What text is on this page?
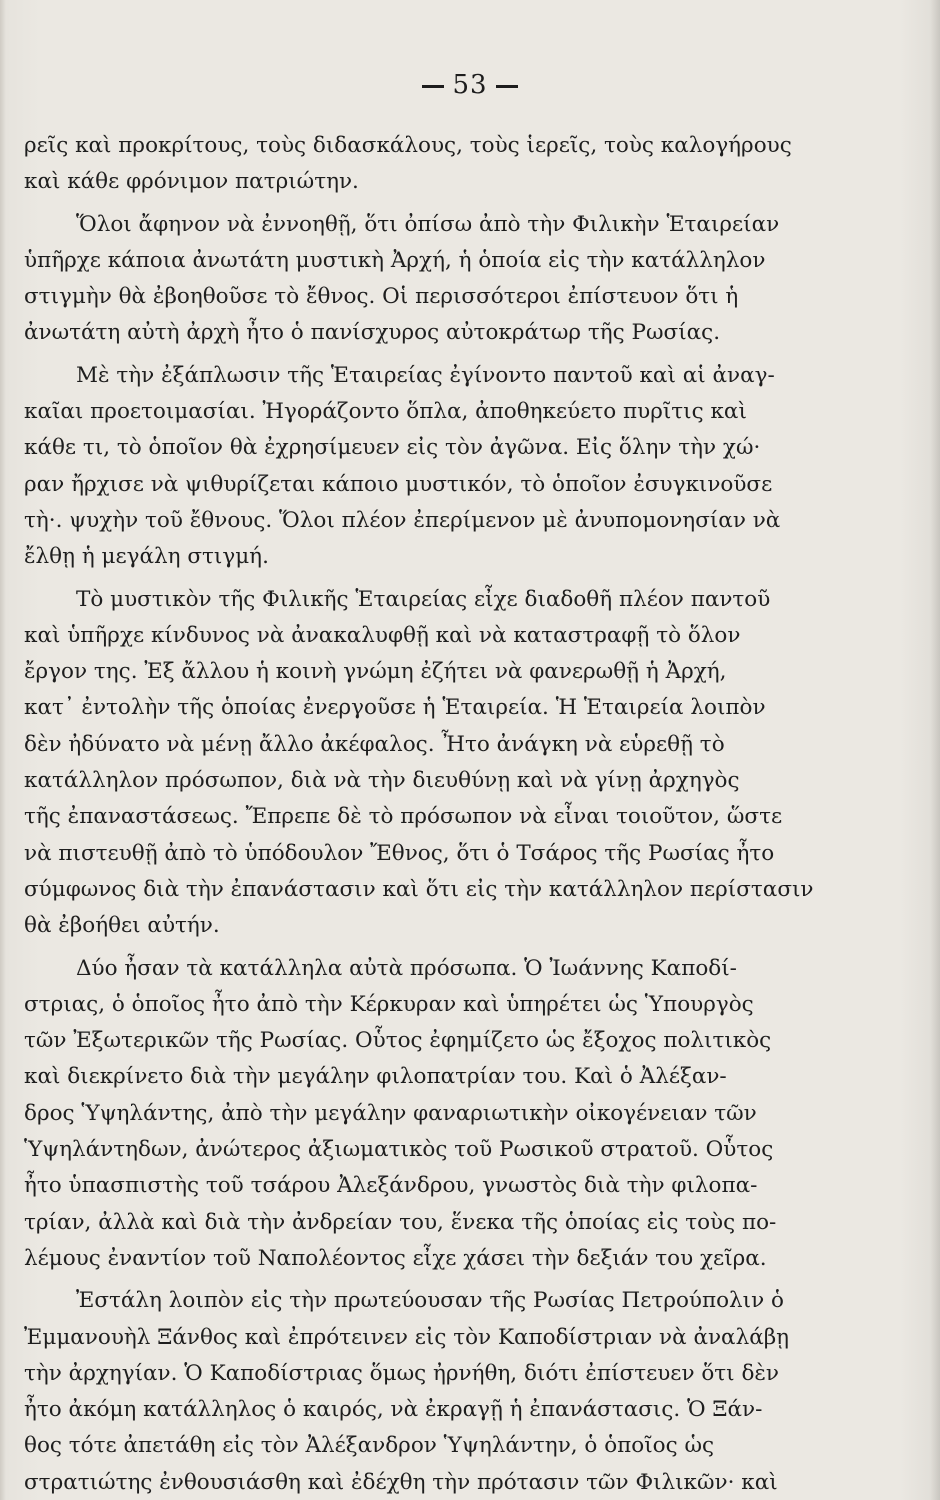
53

ρεῖς καὶ προκρίτους, τοὺς διδασκάλους, τοὺς ἱερεῖς, τοὺς καλογήρους
καὶ κάθε φρόνιμον πατριώτην.

Ὅλοι ἄφηνον νὰ ἐννοηθῇ, ὅτι ὀπίσω ἀπὸ τὴν Φιλικὴν Ἑταιρείαν
ὑπῆρχε κάποια ἀνωτάτη μυστικὴ Ἀρχή, ἡ ὁποία εἰς τὴν κατάλληλον
στιγμὴν θὰ ἐβοηθοῦσε τὸ ἔθνος. Οἱ περισσότεροι ἐπίστευον ὅτι ἡ
ἀνωτάτη αὐτὴ ἀρχὴ ἦτο ὁ πανίσχυρος αὐτοκράτωρ τῆς Ρωσίας.

Μὲ τὴν ἐξάπλωσιν τῆς Ἑταιρείας ἐγίνοντο παντοῦ καὶ αἱ ἀναγ-
καῖαι προετοιμασίαι. Ἠγοράζοντο ὅπλα, ἀποθηκεύετο πυρῖτις καὶ
κάθε τι, τὸ ὁποῖον θὰ ἐχρησίμευεν εἰς τὸν ἀγῶνα. Εἰς ὅλην τὴν χώ·
ραν ἤρχισε νὰ ψιθυρίζεται κάποιο μυστικόν, τὸ ὁποῖον ἐσυγκινοῦσε
τὴ·. ψυχὴν τοῦ ἔθνους. Ὅλοι πλέον ἐπερίμενον μὲ ἀνυπομονησίαν νὰ
ἔλθῃ ἡ μεγάλη στιγμή.

Τὸ μυστικὸν τῆς Φιλικῆς Ἑταιρείας εἶχε διαδοθῆ πλέον παντοῦ
καὶ ὑπῆρχε κίνδυνος νὰ ἀνακαλυφθῇ καὶ νὰ καταστραφῇ τὸ ὅλον
ἔργον της. Ἐξ ἄλλου ἡ κοινὴ γνώμη ἐζήτει νὰ φανερωθῇ ἡ Ἀρχή,
κατ᾿ ἐντολὴν τῆς ὁποίας ἐνεργοῦσε ἡ Ἑταιρεία. Ἡ Ἑταιρεία λοιπὸν
δὲν ἠδύνατο νὰ μένῃ ἄλλο ἀκέφαλος. Ἦτο ἀνάγκη νὰ εὑρεθῇ τὸ
κατάλληλον πρόσωπον, διὰ νὰ τὴν διευθύνῃ καὶ νὰ γίνῃ ἀρχηγὸς
τῆς ἐπαναστάσεως. Ἔπρεπε δὲ τὸ πρόσωπον νὰ εἶναι τοιοῦτον, ὥστε
νὰ πιστευθῇ ἀπὸ τὸ ὑπόδουλον Ἔθνος, ὅτι ὁ Τσάρος τῆς Ρωσίας ἦτο
σύμφωνος διὰ τὴν ἐπανάστασιν καὶ ὅτι εἰς τὴν κατάλληλον περίστασιν
θὰ ἐβοήθει αὐτήν.

Δύο ἦσαν τὰ κατάλληλα αὐτὰ πρόσωπα. Ὁ Ἰωάννης Καποδί-
στριας, ὁ ὁποῖος ἦτο ἀπὸ τὴν Κέρκυραν καὶ ὑπηρέτει ὡς Ὑπουργὸς
τῶν Ἐξωτερικῶν τῆς Ρωσίας. Οὗτος ἐφημίζετο ὡς ἔξοχος πολιτικὸς
καὶ διεκρίνετο διὰ τὴν μεγάλην φιλοπατρίαν του. Καὶ ὁ Ἀλέξαν-
δρος Ὑψηλάντης, ἀπὸ τὴν μεγάλην φαναριωτικὴν οἰκογένειαν τῶν
Ὑψηλάντηδων, ἀνώτερος ἀξιωματικὸς τοῦ Ρωσικοῦ στρατοῦ. Οὗτος
ἦτο ὑπασπιστὴς τοῦ τσάρου Ἀλεξάνδρου, γνωστὸς διὰ τὴν φιλοπα-
τρίαν, ἀλλὰ καὶ διὰ τὴν ἀνδρείαν του, ἕνεκα τῆς ὁποίας εἰς τοὺς πο-
λέμους ἐναντίον τοῦ Ναπολέοντος εἶχε χάσει τὴν δεξιάν του χεῖρα.

Ἐστάλη λοιπὸν εἰς τὴν πρωτεύουσαν τῆς Ρωσίας Πετρούπολιν ὁ
Ἐμμανουὴλ Ξάνθος καὶ ἐπρότεινεν εἰς τὸν Καποδίστριαν νὰ ἀναλάβῃ
τὴν ἀρχηγίαν. Ὁ Καποδίστριας ὅμως ἠρνήθη, διότι ἐπίστευεν ὅτι δὲν
ἦτο ἀκόμη κατάλληλος ὁ καιρός, νὰ ἐκραγῇ ἡ ἐπανάστασις. Ὁ Ξάν-
θος τότε ἀπετάθη εἰς τὸν Ἀλέξανδρον Ὑψηλάντην, ὁ ὁποῖος ὡς
στρατιώτης ἐνθουσιάσθη καὶ ἐδέχθη τὴν πρότασιν τῶν Φιλικῶν· καὶ
